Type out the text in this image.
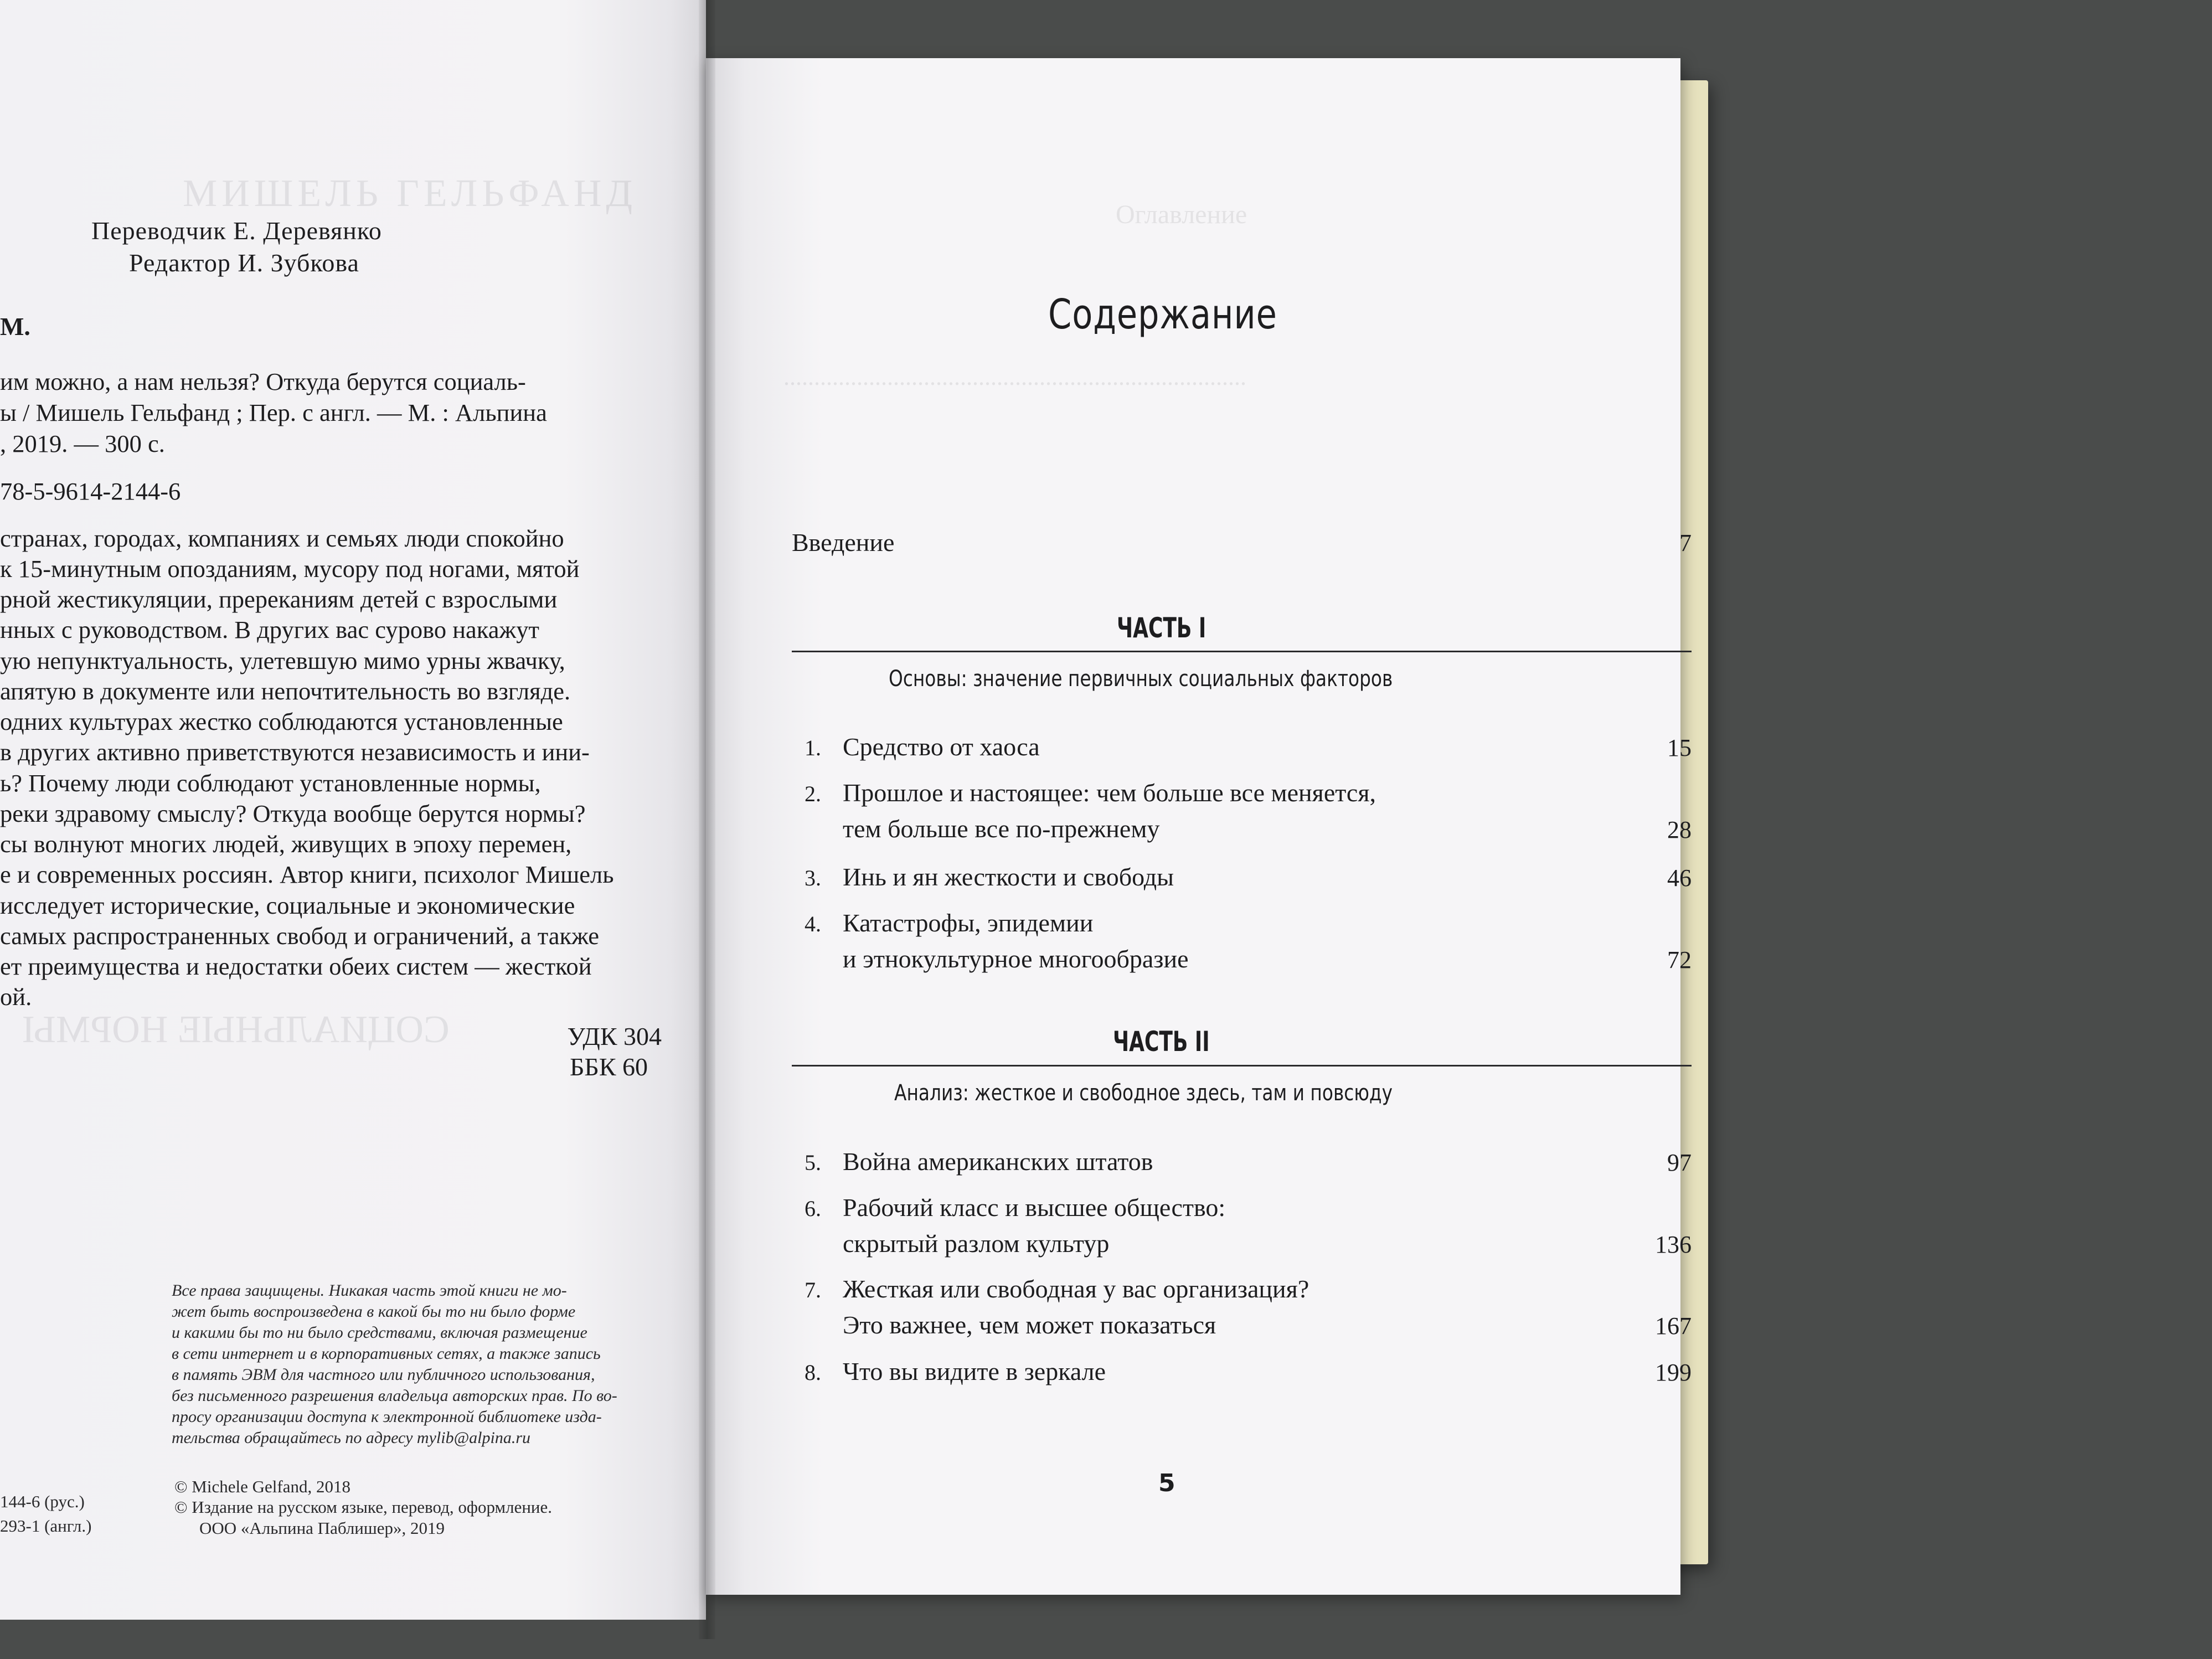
МИШЕЛЬ ГЕЛЬФАНД
СОЦИАЛЬНЫЕ НОРМЫ
Переводчик Е. Деревянко
Редактор И. Зубкова
М.
им можно, а нам нельзя? Откуда берутся социаль-
ы / Мишель Гельфанд ; Пер. с англ. — М. : Альпина
, 2019. — 300 с.
78-5-9614-2144-6
странах, городах, компаниях и семьях люди спокойно
к 15-минутным опозданиям, мусору под ногами, мятой
рной жестикуляции, пререканиям детей с взрослыми
нных с руководством. В других вас сурово накажут
ую непунктуальность, улетевшую мимо урны жвачку,
апятую в документе или непочтительность во взгляде.
одних культурах жестко соблюдаются установленные
в других активно приветствуются независимость и ини-
ь? Почему люди соблюдают установленные нормы,
реки здравому смыслу? Откуда вообще берутся нормы?
сы волнуют многих людей, живущих в эпоху перемен,
е и современных россиян. Автор книги, психолог Мишель
исследует исторические, социальные и экономические
самых распространенных свобод и ограничений, а также
ет преимущества и недостатки обеих систем — жесткой
ой.
УДК 304
ББК 60
Все права защищены. Никакая часть этой книги не мо-
жет быть воспроизведена в какой бы то ни было форме
и какими бы то ни было средствами, включая размещение
в сети интернет и в корпоративных сетях, а также запись
в память ЭВМ для частного или публичного использования,
без письменного разрешения владельца авторских прав. По во-
просу организации доступа к электронной библиотеке изда-
тельства обращайтесь по адресу mylib@alpina.ru
144-6 (рус.)
293-1 (англ.)
© Michele Gelfand, 2018
© Издание на русском языке, перевод, оформление.
ООО «Альпина Паблишер», 2019
Оглавление
............................................................................
Содержание
Введение	7
ЧАСТЬ I
Основы: значение первичных социальных факторов
1. Средство от хаоса	15
2. Прошлое и настоящее: чем больше все меняется,
тем больше все по-прежнему	28
3. Инь и ян жесткости и свободы	46
4. Катастрофы, эпидемии
и этнокультурное многообразие	72
ЧАСТЬ II
Анализ: жесткое и свободное здесь, там и повсюду
5. Война американских штатов	97
6. Рабочий класс и высшее общество:
скрытый разлом культур	136
7. Жесткая или свободная у вас организация?
Это важнее, чем может показаться	167
8. Что вы видите в зеркале	199
5
